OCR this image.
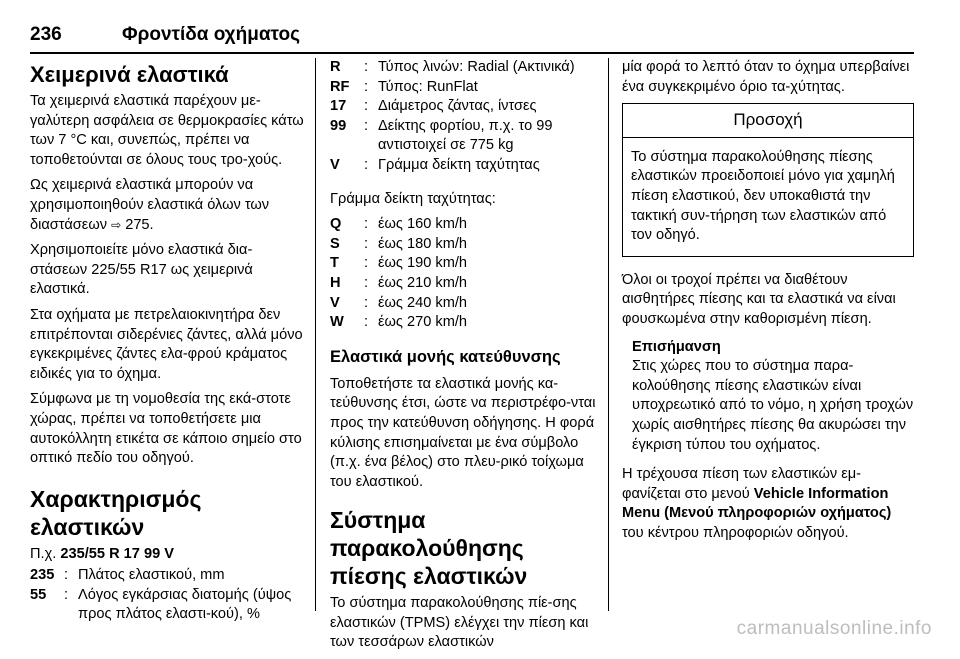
236	Φροντίδα οχήματος
Χειμερινά ελαστικά

Τα χειμερινά ελαστικά παρέχουν με-γαλύτερη ασφάλεια σε θερμοκρασίες κάτω των 7 °C και, συνεπώς, πρέπει να τοποθετούνται σε όλους τους τρο-χούς.

Ως χειμερινά ελαστικά μπορούν να χρησιμοποιηθούν ελαστικά όλων των διαστάσεων ⇨ 275.

Χρησιμοποιείτε μόνο ελαστικά δια-στάσεων 225/55 R17 ως χειμερινά ελαστικά.

Στα οχήματα με πετρελαιοκινητήρα δεν επιτρέπονται σιδερένιες ζάντες, αλλά μόνο εγκεκριμένες ζάντες ελα-φρού κράματος ειδικές για το όχημα.

Σύμφωνα με τη νομοθεσία της εκά-στοτε χώρας, πρέπει να τοποθετήσετε μια αυτοκόλλητη ετικέτα σε κάποιο σημείο στο οπτικό πεδίο του οδηγού.

Χαρακτηρισμός ελαστικών

Π.χ. 235/55 R 17 99 V

235 : Πλάτος ελαστικού, mm
55	: Λόγος εγκάρσιας διατομής (ύψος προς πλάτος ελαστι-κού), %
R	: Τύπος λινών: Radial (Ακτινικά)
RF : Τύπος: RunFlat
17	: Διάμετρος ζάντας, ίντσες
99	: Δείκτης φορτίου, π.χ. το 99 αντιστοιχεί σε 775 kg
V	: Γράμμα δείκτη ταχύτητας

Γράμμα δείκτη ταχύτητας:

Q	: έως 160 km/h
S	: έως 180 km/h
T	: έως 190 km/h
H	: έως 210 km/h
V	: έως 240 km/h
W	: έως 270 km/h
Ελαστικά μονής κατεύθυνσης

Τοποθετήστε τα ελαστικά μονής κα-τεύθυνσης έτσι, ώστε να περιστρέφο-νται προς την κατεύθυνση οδήγησης. Η φορά κύλισης επισημαίνεται με ένα σύμβολο (π.χ. ένα βέλος) στο πλευ-ρικό τοίχωμα του ελαστικού.

Σύστημα παρακολούθησης πίεσης ελαστικών

Το σύστημα παρακολούθησης πίε-σης ελαστικών (TPMS) ελέγχει την πίεση και των τεσσάρων ελαστικών

μία φορά το λεπτό όταν το όχημα υπερβαίνει ένα συγκεκριμένο όριο τα-χύτητας.

Προσοχή
Το σύστημα παρακολούθησης πίεσης ελαστικών προειδοποιεί μόνο για χαμηλή πίεση ελαστικού, δεν υποκαθιστά την τακτική συν-τήρηση των ελαστικών από τον οδηγό.

Όλοι οι τροχοί πρέπει να διαθέτουν αισθητήρες πίεσης και τα ελαστικά να είναι φουσκωμένα στην καθορισμένη πίεση.

Επισήμανση
Στις χώρες που το σύστημα παρα-κολούθησης πίεσης ελαστικών είναι υποχρεωτικό από το νόμο, η χρήση τροχών χωρίς αισθητήρες πίεσης θα ακυρώσει την έγκριση τύπου του οχήματος.

Η τρέχουσα πίεση των ελαστικών εμ-φανίζεται στο μενού Vehicle Information Menu (Μενού πληροφοριών οχήματος) του κέντρου πληροφοριών οδηγού.

carmanualsonline.info
